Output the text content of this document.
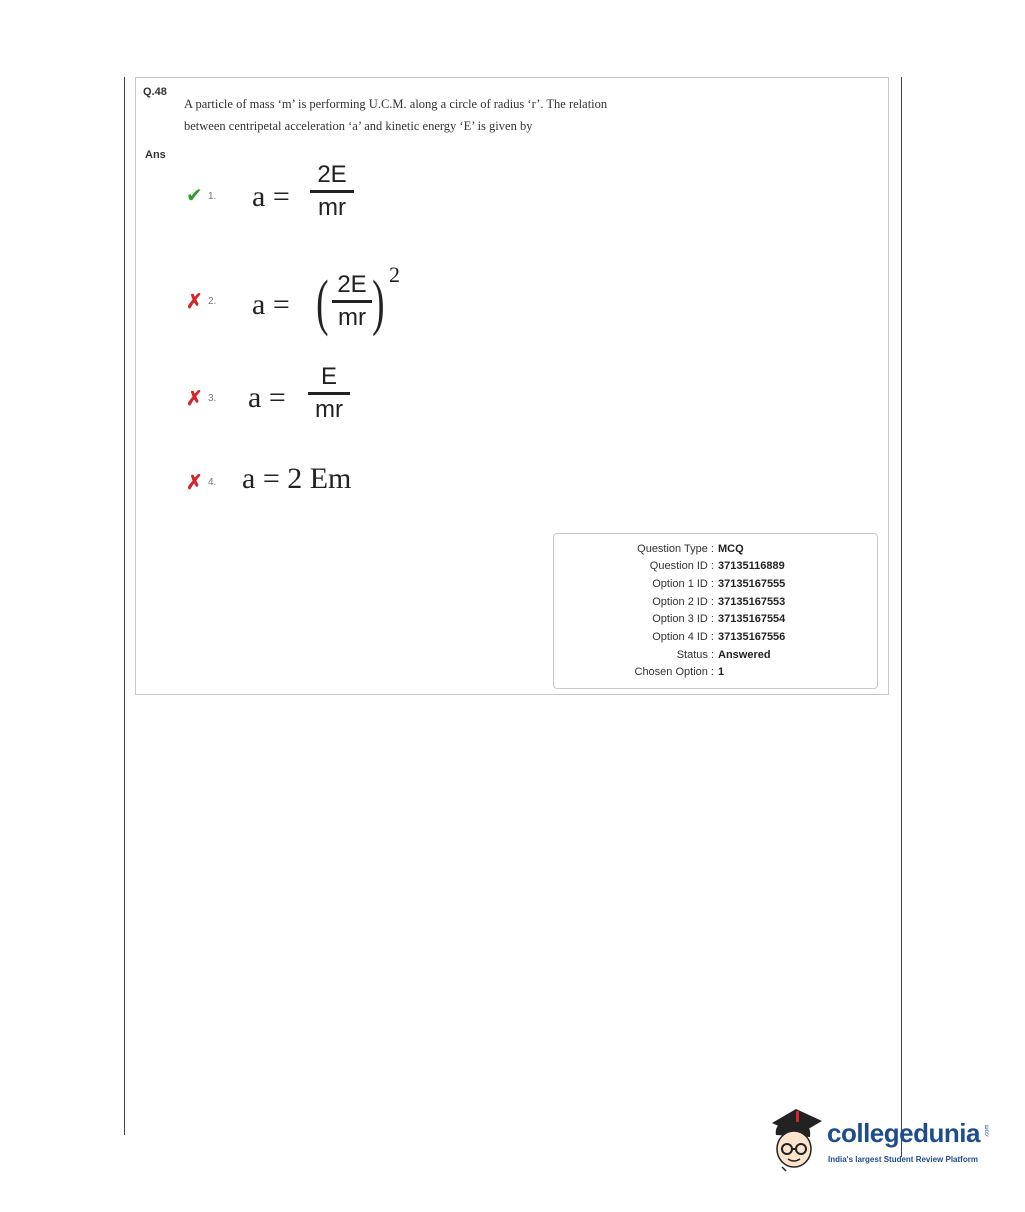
Q.48
A particle of mass ‘m’ is performing U.C.M. along a circle of radius ‘r’. The relation
between centripetal acceleration ‘a’ and kinetic energy ‘E’ is given by
Ans
✔ 1. a =
2E
mr
✗ 2. a = ( 2E
mr ) 2
✗ 3. a =
E
mr
✗ 4. a = 2 Em
Question Type : MCQ
Question ID : 37135116889
Option 1 ID : 37135167555
Option 2 ID : 37135167553
Option 3 ID : 37135167554
Option 4 ID : 37135167556
Status : Answered
Chosen Option : 1
collegedunia .com
India's largest Student Review Platform
